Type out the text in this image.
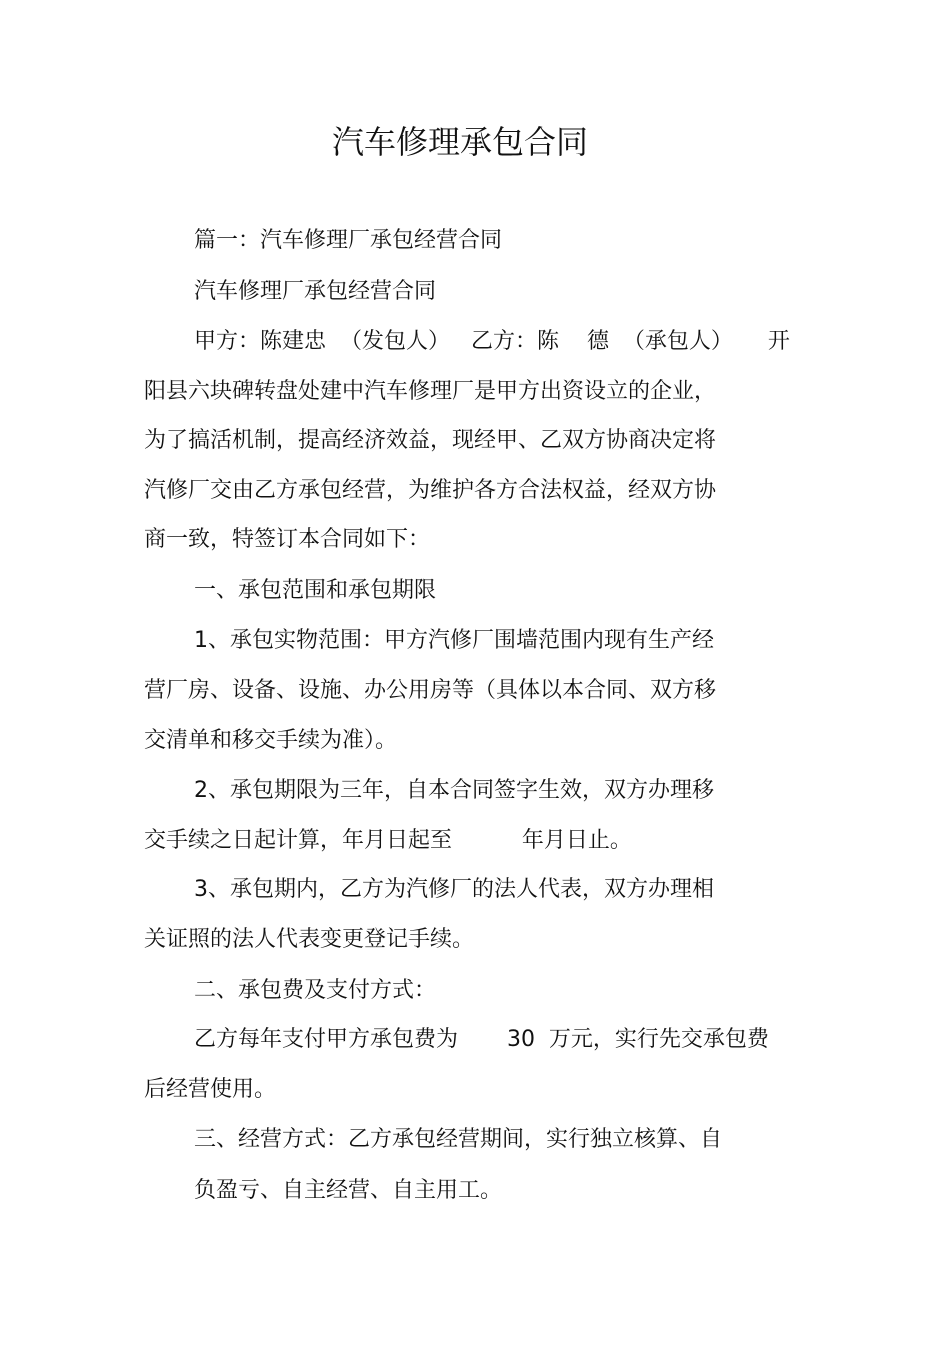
汽车修理承包合同

篇一：汽车修理厂承包经营合同

汽车修理厂承包经营合同

甲方：陈建忠  （发包人）   乙方：陈    德  （承包人）     开

阳县六块碑转盘处建中汽车修理厂是甲方出资设立的企业，

为了搞活机制，提高经济效益，现经甲、乙双方协商决定将

汽修厂交由乙方承包经营，为维护各方合法权益，经双方协

商一致，特签订本合同如下：

一、承包范围和承包期限

1、承包实物范围：甲方汽修厂围墙范围内现有生产经

营厂房、设备、设施、办公用房等（具体以本合同、双方移

交清单和移交手续为准）。

2、承包期限为三年，自本合同签字生效，双方办理移

交手续之日起计算，年月日起至          年月日止。

3、承包期内，乙方为汽修厂的法人代表，双方办理相

关证照的法人代表变更登记手续。

二、承包费及支付方式：

乙方每年支付甲方承包费为       30  万元，实行先交承包费

后经营使用。

三、经营方式：乙方承包经营期间，实行独立核算、自

负盈亏、自主经营、自主用工。
